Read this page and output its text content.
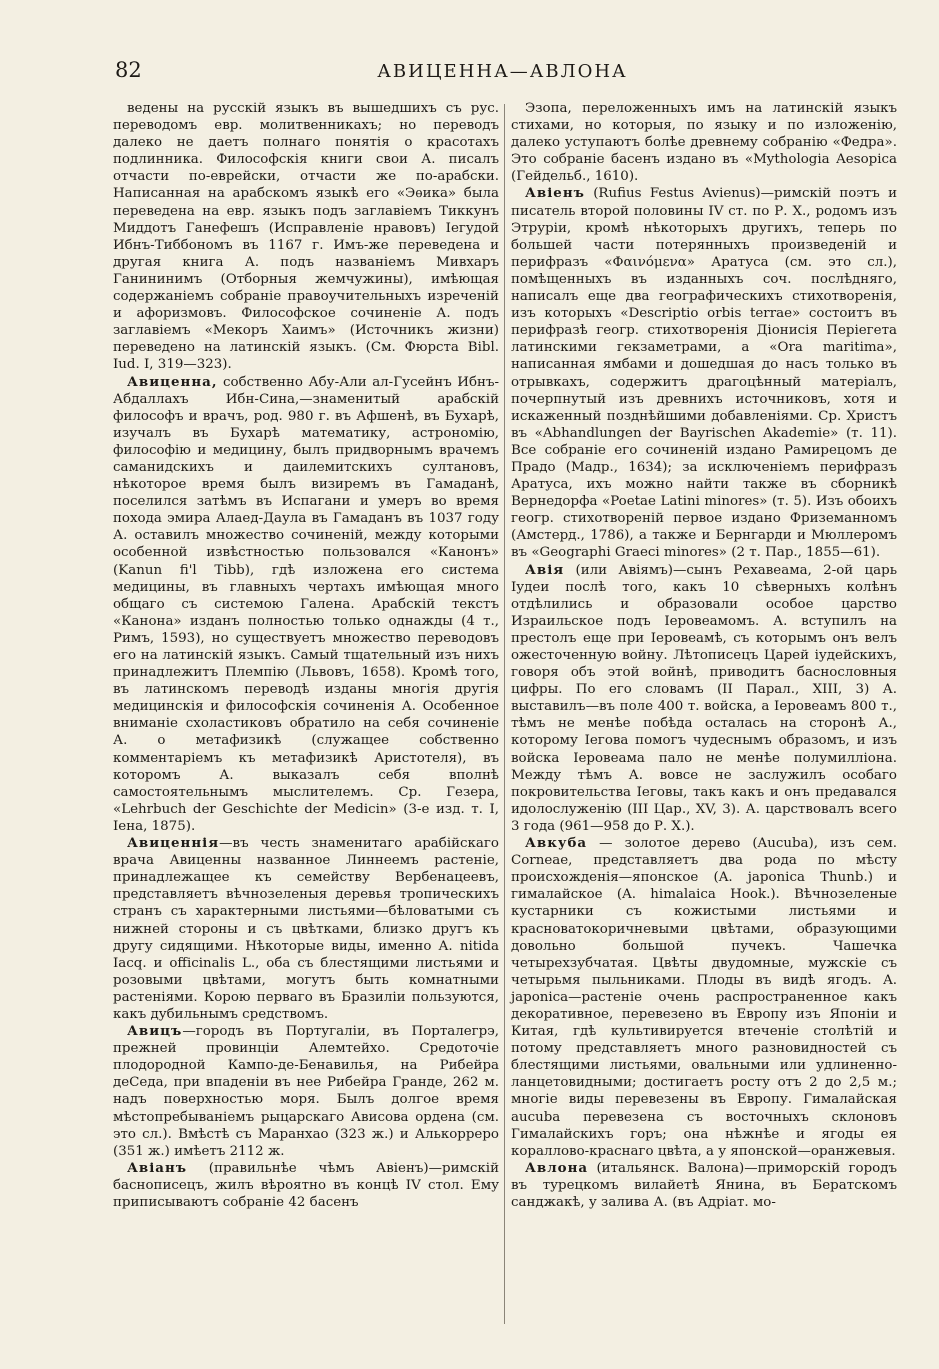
82	АВИЦЕННА—АВЛОНА

ведены на русскій языкъ въ вышедшихъ съ рус. переводомъ евр. молитвенникахъ; но переводъ далеко не даетъ полнаго понятія о красотахъ подлинника. Философскія книги свои А. писалъ отчасти по-еврейски, отчасти же по-арабски. Написанная на арабскомъ языкѣ его «Эѳика» была переведена на евр. языкъ подъ заглавіемъ Тиккунъ Миддотъ Ганефешъ (Исправленіе нравовъ) Іегудой Ибнъ-Тиббономъ въ 1167 г. Имъ-же переведена и другая книга А. подъ названіемъ Мивхаръ Ганининимъ (Отборныя жемчужины), имѣющая содержаніемъ собраніе правоучительныхъ изреченій и афоризмовъ. Философское сочиненіе А. подъ заглавіемъ «Мекоръ Хаимъ» (Источникъ жизни) переведено на латинскій языкъ. (См. Фюрста Bibl. Iud. I, 319—323).

Авиценна, собственно Абу-Али ал-Гусейнъ Ибнъ-Абдаллахъ Ибн-Сина,—знаменитый арабскій философъ и врачъ, род. 980 г. въ Афшенѣ, въ Бухарѣ, изучалъ въ Бухарѣ математику, астрономію, философію и медицину, былъ придворнымъ врачемъ саманидскихъ и даилемитскихъ султановъ, нѣкоторое время былъ визиремъ въ Гамаданѣ, поселился затѣмъ въ Испагани и умеръ во время похода эмира Алаед-Даула въ Гамаданъ въ 1037 году А. оставилъ множество сочиненій, между которыми особенной извѣстностью пользовался «Канонъ» (Kanun fi'l Tibb), гдѣ изложена его система медицины, въ главныхъ чертахъ имѣющая много общаго съ системою Галена. Арабскій текстъ «Канона» изданъ полностью только однажды (4 т., Римъ, 1593), но существуетъ множество переводовъ его на латинскій языкъ. Самый тщательный изъ нихъ принадлежитъ Племпію (Львовъ, 1658). Кромѣ того, въ латинскомъ переводѣ изданы многія другія медицинскія и философскія сочиненія А. Особенное вниманіе схоластиковъ обратило на себя сочиненіе А. о метафизикѣ (служащее собственно комментаріемъ къ метафизикѣ Аристотеля), въ которомъ А. выказалъ себя вполнѣ самостоятельнымъ мыслителемъ. Ср. Гезера, «Lehrbuch der Geschichte der Medicin» (3-е изд. т. I, Іена, 1875).

Авиценнія—въ честь знаменитаго арабійскаго врача Авиценны названное Линнеемъ растеніе, принадлежащее къ семейству Вербенацеевъ, представляетъ вѣчнозеленыя деревья тропическихъ странъ съ характерными листьями—бѣловатыми съ нижней стороны и съ цвѣтками, близко другъ къ другу сидящими. Нѣкоторые виды, именно A. nitida Iacq. и officinalis L., оба съ блестящими листьями и розовыми цвѣтами, могутъ быть комнатными растеніями. Корою перваго въ Бразиліи пользуются, какъ дубильнымъ средствомъ.

Авицъ—городъ въ Португаліи, въ Порталегрэ, прежней провинціи Алемтейхо. Средоточіе плодородной Кампо-де-Бенавилья, на Рибейра деСеда, при впаденіи въ нее Рибейра Гранде, 262 м. надъ поверхностью моря. Былъ долгое время мѣстопребываніемъ рыцарскаго Ависова ордена (см. это сл.). Вмѣстѣ съ Маранхао (323 ж.) и Алькорреро (351 ж.) имѣетъ 2112 ж.

Авіанъ (правильнѣе чѣмъ Авіенъ)—римскій баснописецъ, жилъ вѣроятно въ концѣ IV стол. Ему приписываютъ собраніе 42 басенъ

Эзопа, переложенныхъ имъ на латинскій языкъ стихами, но которыя, по языку и по изложенію, далеко уступаютъ болѣе древнему собранію «Федра». Это собраніе басенъ издано въ «Mythologia Aesopica (Гейдельб., 1610).

Авіенъ (Rufius Festus Avienus)—римскій поэтъ и писатель второй половины IV ст. по Р. Х., родомъ изъ Этруріи, кромѣ нѣкоторыхъ другихъ, теперь по большей части потерянныхъ произведеній и перифразъ «Φαινόμενα» Аратуса (см. это сл.), помѣщенныхъ въ изданныхъ соч. послѣдняго, написалъ еще два географическихъ стихотворенія, изъ которыхъ «Descriptio orbis terrae» состоитъ въ перифразѣ геогр. стихотворенія Діонисія Періегета латинскими гекзаметрами, а «Ora maritima», написанная ямбами и дошедшая до насъ только въ отрывкахъ, содержитъ драгоцѣнный матеріалъ, почерпнутый изъ древнихъ источниковъ, хотя и искаженный позднѣйшими добавленіями. Ср. Христъ въ «Abhandlungen der Bayrischen Akademie» (т. 11). Все собраніе его сочиненій издано Рамирецомъ де Прадо (Мадр., 1634); за исключеніемъ перифразъ Аратуса, ихъ можно найти также въ сборникѣ Вернедорфа «Poetae Latini minores» (т. 5). Изъ обоихъ геогр. стихотвореній первое издано Фриземанномъ (Амстерд., 1786), а также и Бернгарди и Мюллеромъ въ «Geographi Graeci minores» (2 т. Пар., 1855—61).

Авія (или Авіямъ)—сынъ Рехавеама, 2-ой царь Іудеи послѣ того, какъ 10 сѣверныхъ колѣнъ отдѣлились и образовали особое царство Израильское подъ Іеровеамомъ. А. вступилъ на престолъ еще при Іеровеамѣ, съ которымъ онъ велъ ожесточенную войну. Лѣтописецъ Царей іудейскихъ, говоря объ этой войнѣ, приводитъ баснословныя цифры. По его словамъ (II Парал., XIII, 3) А. выставилъ—въ поле 400 т. войска, а Іеровеамъ 800 т., тѣмъ не менѣе побѣда осталась на сторонѣ А., которому Іегова помогъ чудеснымъ образомъ, и изъ войска Іеровеама пало не менѣе полумилліона. Между тѣмъ А. вовсе не заслужилъ особаго покровительства Іеговы, такъ какъ и онъ предавался идолослуженію (III Цар., XV, 3). А. царствовалъ всего 3 года (961—958 до Р. Х.).

Авкуба — золотое дерево (Aucuba), изъ сем. Cornеae, представляетъ два рода по мѣсту происхожденія—японское (A. japonica Thunb.) и гималайское (A. himalaica Hook.). Вѣчнозеленые кустарники съ кожистыми листьями и красноватокоричневыми цвѣтами, образующими довольно большой пучекъ. Чашечка четырехзубчатая. Цвѣты двудомные, мужскіе съ четырьмя пыльниками. Плоды въ видѣ ягодъ. A. japonica—растеніе очень распространенное какъ декоративное, перевезено въ Европу изъ Японіи и Китая, гдѣ культивируется втеченіе столѣтій и потому представляетъ много разновидностей съ блестящими листьями, овальными или удлиненно-ланцетовидными; достигаетъ росту отъ 2 до 2,5 м.; многіе виды перевезены въ Европу. Гималайская aucuba перевезена съ восточныхъ склоновъ Гималайскихъ горъ; она нѣжнѣе и ягоды ея кораллово-краснаго цвѣта, а у японской—оранжевыя.

Авлона (итальянск. Валона)—приморскій городъ въ турецкомъ вилайетѣ Янина, въ Бератскомъ санджакѣ, у залива А. (въ Адріат. мо-
